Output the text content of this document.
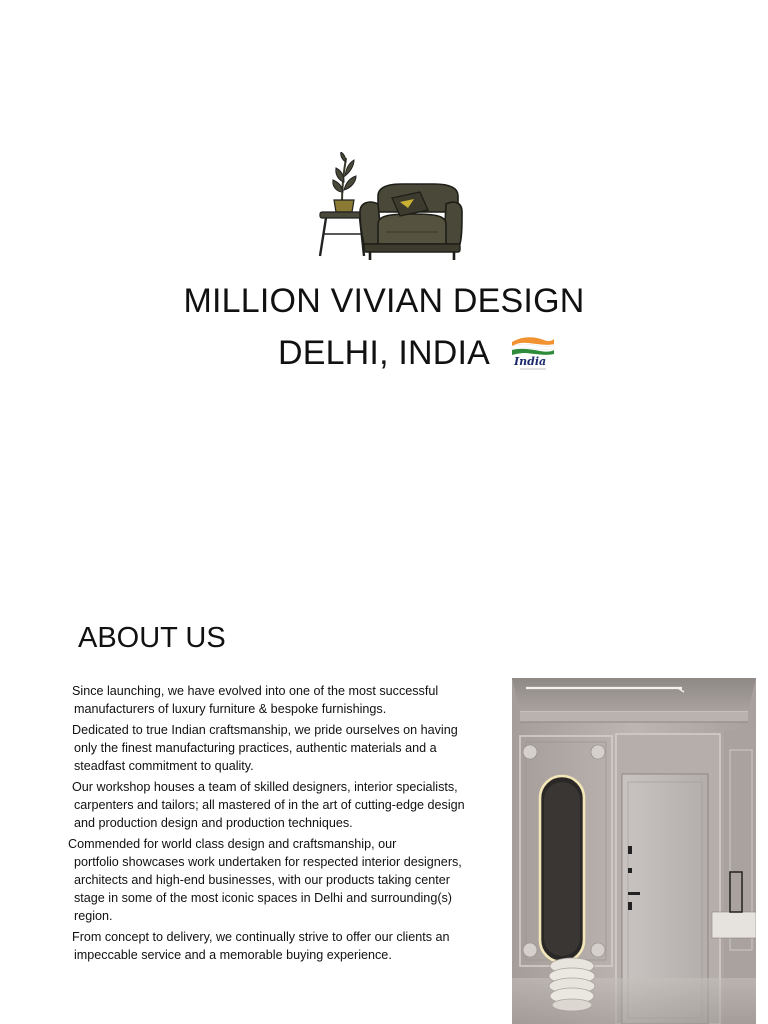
MILLION VIVIAN DESIGN
DELHI, INDIA	India
ABOUT US
Since launching, we have evolved into one of the most successful
manufacturers of luxury furniture & bespoke furnishings.
Dedicated to true Indian craftsmanship, we pride ourselves on having
only the finest manufacturing practices, authentic materials and a
steadfast commitment to quality.
Our workshop houses a team of skilled designers, interior specialists,
carpenters and tailors; all mastered of in the art of cutting-edge design
and production design and production techniques.
Commended for world class design and craftsmanship, our
portfolio showcases work undertaken for respected interior designers,
architects and high-end businesses, with our products taking center
stage in some of the most iconic spaces in Delhi and surrounding(s)
region.
From concept to delivery, we continually strive to offer our clients an
impeccable service and a memorable buying experience.
